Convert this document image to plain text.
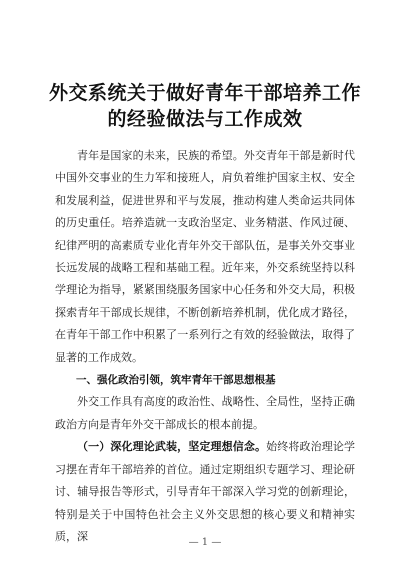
外交系统关于做好青年干部培养工作的经验做法与工作成效

青年是国家的未来，民族的希望。外交青年干部是新时代中国外交事业的生力军和接班人，肩负着维护国家主权、安全和发展利益，促进世界和平与发展，推动构建人类命运共同体的历史重任。培养造就一支政治坚定、业务精湛、作风过硬、纪律严明的高素质专业化青年外交干部队伍，是事关外交事业长远发展的战略工程和基础工程。近年来，外交系统坚持以科学理论为指导，紧紧围绕服务国家中心任务和外交大局，积极探索青年干部成长规律，不断创新培养机制，优化成才路径，在青年干部工作中积累了一系列行之有效的经验做法，取得了显著的工作成效。

一、强化政治引领，筑牢青年干部思想根基

外交工作具有高度的政治性、战略性、全局性，坚持正确政治方向是青年外交干部成长的根本前提。

（一）深化理论武装，坚定理想信念。始终将政治理论学习摆在青年干部培养的首位。通过定期组织专题学习、理论研讨、辅导报告等形式，引导青年干部深入学习党的创新理论，特别是关于中国特色社会主义外交思想的核心要义和精神实质，深	— 1 —
